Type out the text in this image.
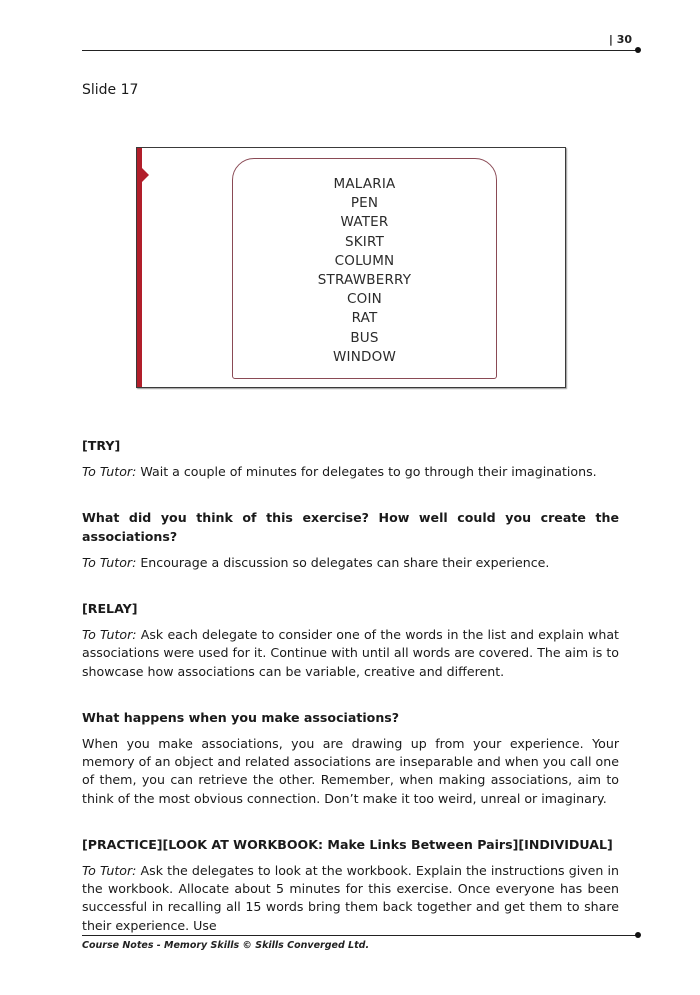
| 30
Slide 17
MALARIA
PEN
WATER
SKIRT
COLUMN
STRAWBERRY
COIN
RAT
BUS
WINDOW

[TRY]

To Tutor: Wait a couple of minutes for delegates to go through their imaginations.

What did you think of this exercise? How well could you create the associations?

To Tutor: Encourage a discussion so delegates can share their experience.

[RELAY]

To Tutor: Ask each delegate to consider one of the words in the list and explain what associations were used for it. Continue with until all words are covered. The aim is to showcase how associations can be variable, creative and different.

What happens when you make associations?

When you make associations, you are drawing up from your experience. Your memory of an object and related associations are inseparable and when you call one of them, you can retrieve the other. Remember, when making associations, aim to think of the most obvious connection. Don’t make it too weird, unreal or imaginary.

[PRACTICE][LOOK AT WORKBOOK: Make Links Between Pairs][INDIVIDUAL]

To Tutor: Ask the delegates to look at the workbook. Explain the instructions given in the workbook. Allocate about 5 minutes for this exercise. Once everyone has been successful in recalling all 15 words bring them back together and get them to share their experience. Use

Course Notes - Memory Skills © Skills Converged Ltd.
